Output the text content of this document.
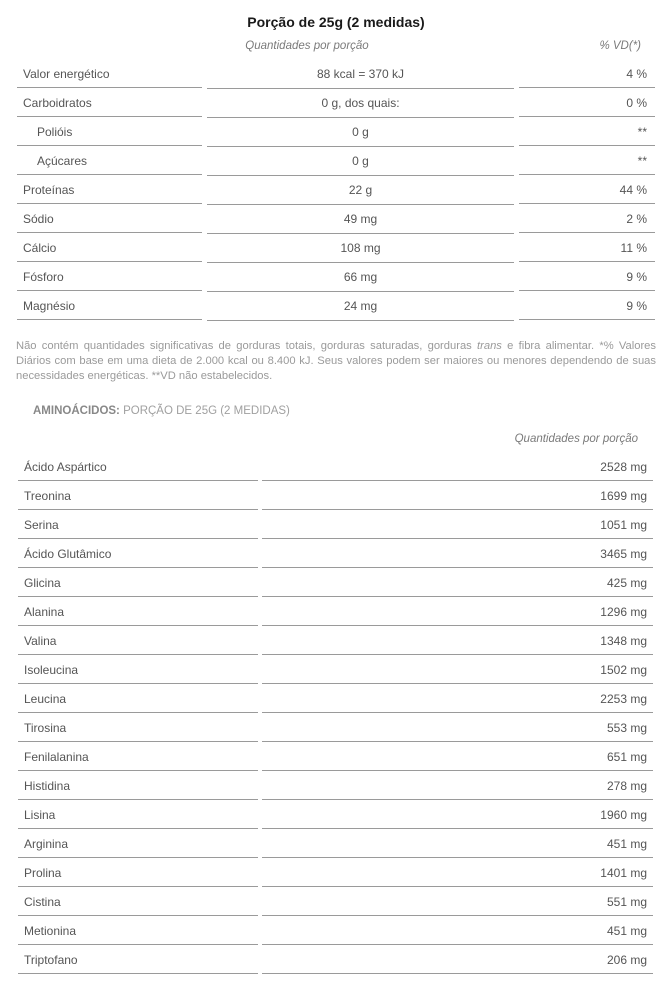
Porção de 25g (2 medidas)
Quantidades por porção	% VD(*)
Valor energético	88 kcal = 370 kJ	4 %
Carboidratos	0 g, dos quais:	0 %
Polióis	0 g	**
Açúcares	0 g	**
Proteínas	22 g	44 %
Sódio	49 mg	2 %
Cálcio	108 mg	11 %
Fósforo	66 mg	9 %
Magnésio	24 mg	9 %
Não contém quantidades significativas de gorduras totais, gorduras saturadas, gorduras trans e fibra alimentar. *% Valores Diários com base em uma dieta de 2.000 kcal ou 8.400 kJ. Seus valores podem ser maiores ou menores dependendo de suas necessidades energéticas. **VD não estabelecidos.
AMINOÁCIDOS: PORÇÃO DE 25G (2 MEDIDAS)
Quantidades por porção
Ácido Aspártico	2528 mg
Treonina	1699 mg
Serina	1051 mg
Ácido Glutâmico	3465 mg
Glicina	425 mg
Alanina	1296 mg
Valina	1348 mg
Isoleucina	1502 mg
Leucina	2253 mg
Tirosina	553 mg
Fenilalanina	651 mg
Histidina	278 mg
Lisina	1960 mg
Arginina	451 mg
Prolina	1401 mg
Cistina	551 mg
Metionina	451 mg
Triptofano	206 mg
